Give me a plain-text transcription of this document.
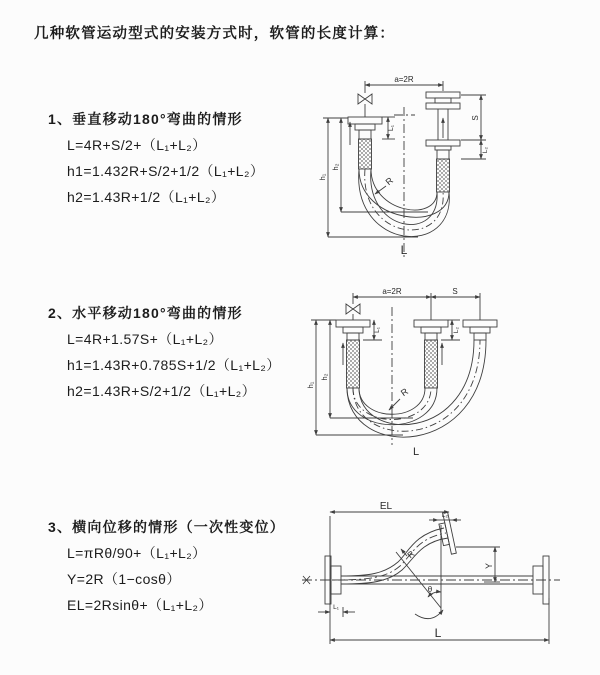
几种软管运动型式的安装方式时，软管的长度计算：
1、垂直移动180°弯曲的情形
L=4R+S/2+（L₁+L₂）
h1=1.432R+S/2+1/2（L₁+L₂）
h2=1.43R+1/2（L₁+L₂）
2、水平移动180°弯曲的情形
L=4R+1.57S+（L₁+L₂）
h1=1.43R+0.785S+1/2（L₁+L₂）
h2=1.43R+S/2+1/2（L₁+L₂）
3、横向位移的情形（一次性变位）
L=πRθ/90+（L₁+L₂）
Y=2R（1−cosθ）
EL=2Rsinθ+（L₁+L₂）
a=2R
L₁
h₁
h₂
S
L₂
R
L
a=2R	S
h₁
h₂
L₁	L₂
R
L
EL
L₂
Y
R
θ
L
L₁
